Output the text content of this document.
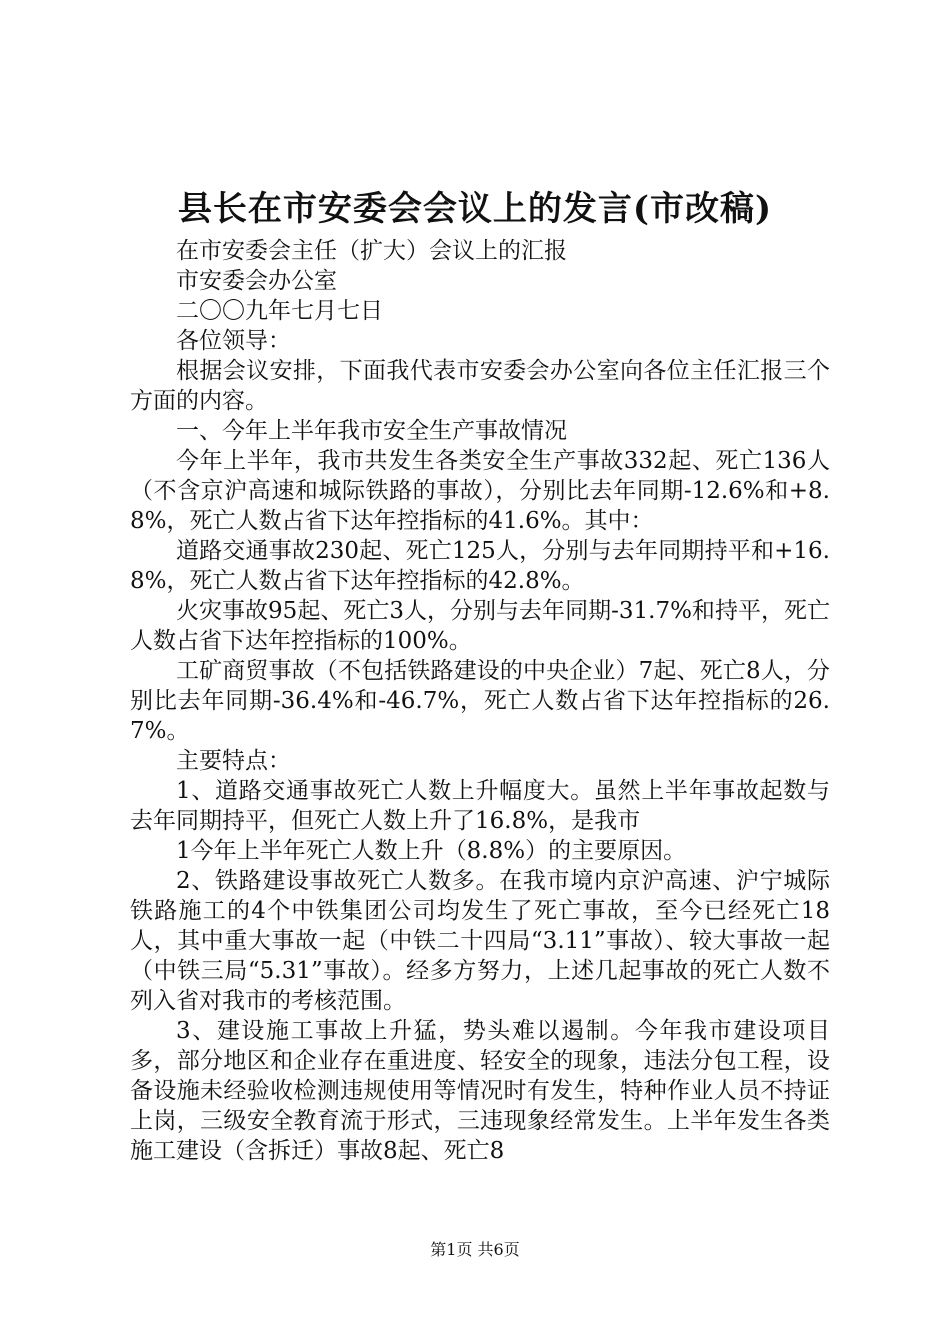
县长在市安委会会议上的发言(市改稿)

在市安委会主任（扩大）会议上的汇报

市安委会办公室

二〇〇九年七月七日

各位领导：

根据会议安排，下面我代表市安委会办公室向各位主任汇报三个方面的内容。

一、今年上半年我市安全生产事故情况

今年上半年，我市共发生各类安全生产事故332起、死亡136人（不含京沪高速和城际铁路的事故），分别比去年同期-12.6%和+8.8%，死亡人数占省下达年控指标的41.6%。其中：

道路交通事故230起、死亡125人，分别与去年同期持平和+16.8%，死亡人数占省下达年控指标的42.8%。

火灾事故95起、死亡3人，分别与去年同期-31.7%和持平，死亡人数占省下达年控指标的100%。

工矿商贸事故（不包括铁路建设的中央企业）7起、死亡8人，分别比去年同期-36.4%和-46.7%，死亡人数占省下达年控指标的26.7%。

主要特点：

1、道路交通事故死亡人数上升幅度大。虽然上半年事故起数与去年同期持平，但死亡人数上升了16.8%，是我市

1今年上半年死亡人数上升（8.8%）的主要原因。

2、铁路建设事故死亡人数多。在我市境内京沪高速、沪宁城际铁路施工的4个中铁集团公司均发生了死亡事故，至今已经死亡18人，其中重大事故一起（中铁二十四局“3.11”事故）、较大事故一起（中铁三局“5.31”事故）。经多方努力，上述几起事故的死亡人数不列入省对我市的考核范围。

3、建设施工事故上升猛，势头难以遏制。今年我市建设项目多，部分地区和企业存在重进度、轻安全的现象，违法分包工程，设备设施未经验收检测违规使用等情况时有发生，特种作业人员不持证上岗，三级安全教育流于形式，三违现象经常发生。上半年发生各类施工建设（含拆迁）事故8起、死亡8

第1页 共6页
